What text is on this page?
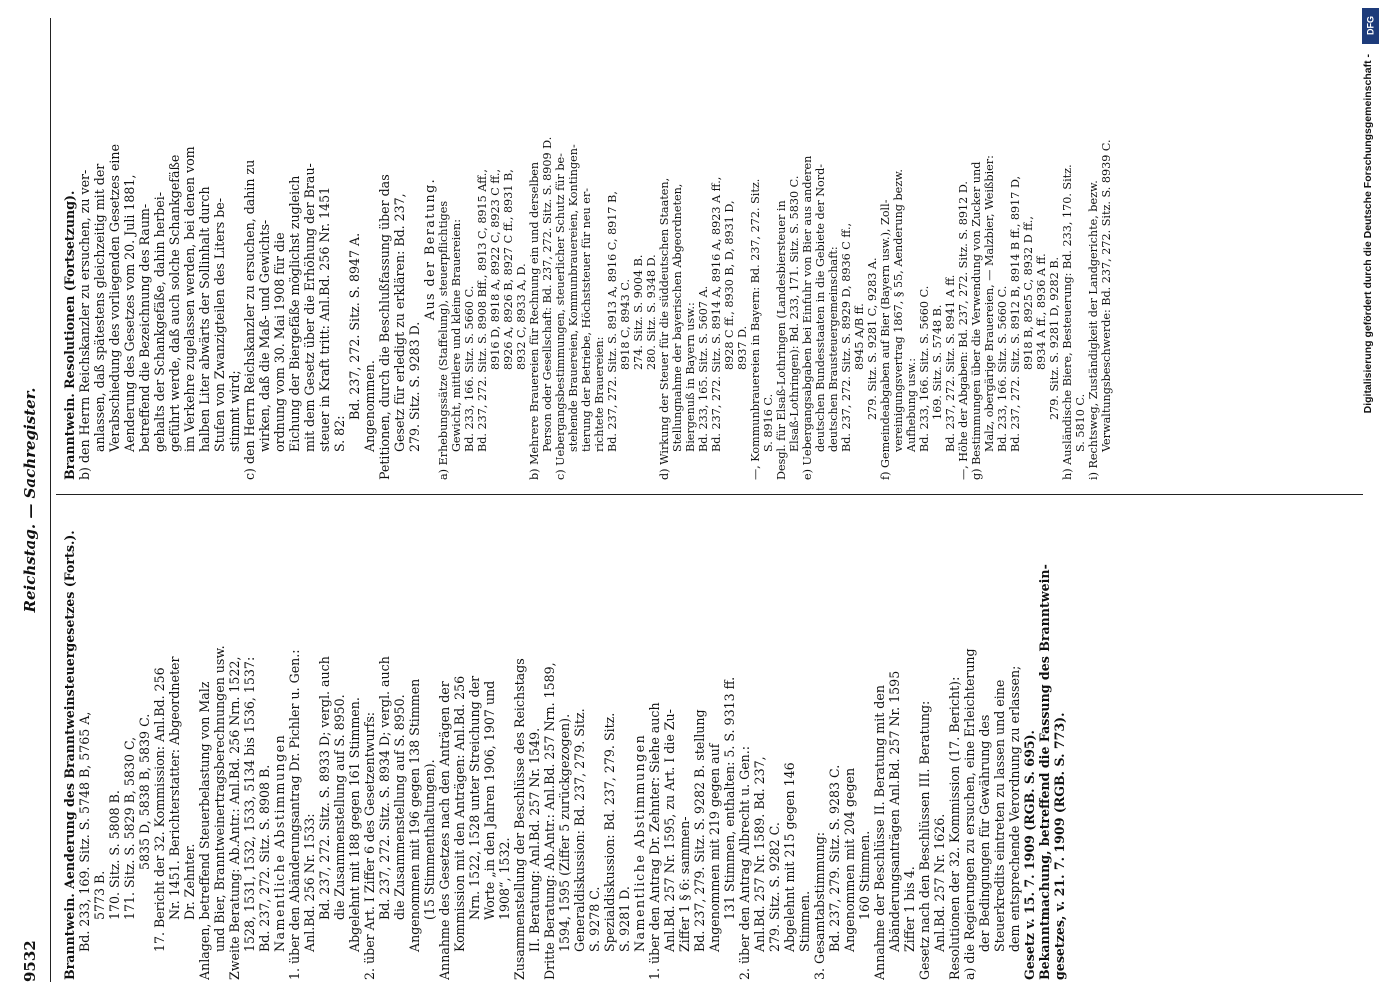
9532
Reichstag. — Sachregister.

Branntwein. Aenderung des Branntweinsteuergesetzes (Forts.). Bd. 233, 169. Sitz. S. 5748 B, 5765 A, 5773 B. 170. Sitz. S. 5808 B. 171. Sitz. S. 5829 B, 5830 C, 5835 D, 5838 B, 5839 C. 17. Bericht der 32. Kommission: Anl.Bd. 256 Nr. 1451. Berichterstatter: Abgeordneter Dr. Zehnter. Anlagen, betreffend Steuerbelastung von Malz und Bier, Branntweinertragsberechnungen usw. Zweite Beratung: Ab.Antr.: Anl.Bd. 256 Nrn. 1522, 1528, 1531, 1532, 1533, 5134 bis 1536, 1537: Bd. 237, 272. Sitz. S. 8908 B. Namentliche Abstimmungen 1. über den Abänderungsantrag Dr. Pichler u. Gen.: Anl.Bd. 256 Nr. 1533: Bd. 237, 272. Sitz. S. 8933 D; vergl. auch die Zusammenstellung auf S. 8950. Abgelehnt mit 188 gegen 161 Stimmen. 2. über Art. I Ziffer 6 des Gesetzentwurfs: Bd. 237, 272. Sitz. S. 8934 D; vergl. auch die Zusammenstellung auf S. 8950. Angenommen mit 196 gegen 138 Stimmen (15 Stimmenthaltungen). Annahme des Gesetzes nach den Anträgen der Kommission mit den Anträgen: Anl.Bd. 256 Nrn. 1522, 1528 unter Streichung der Worte „in den Jahren 1906, 1907 und 1908“, 1532. Zusammenstellung der Beschlüsse des Reichstags II. Beratung: Anl.Bd. 257 Nr. 1549. Dritte Beratung: Ab.Antr.: Anl.Bd. 257 Nrn. 1589, 1594, 1595 (Ziffer 5 zurückgezogen). Generaldiskussion: Bd. 237, 279. Sitz. S. 9278 C. Spezialdiskussion: Bd. 237, 279. Sitz. S. 9281 D. Namentliche Abstimmungen 1. über den Antrag Dr. Zehnter: Siehe auch Anl.Bd. 257 Nr. 1595, zu Art. I die Zu- Ziffer 1 § 6: sammen- Bd. 237, 279. Sitz. S. 9282 B. stellung Angenommen mit 219 gegen auf 131 Stimmen, enthalten: 5. S. 9313 ff. 2. über den Antrag Albrecht u. Gen.: Anl.Bd. 257 Nr. 1589. Bd. 237, 279. Sitz. S. 9282 C. Abgelehnt mit 215 gegen 146 Stimmen. 3. Gesamtabstimmung: Bd. 237, 279. Sitz. S. 9283 C. Angenommen mit 204 gegen 160 Stimmen. Annahme der Beschlüsse II. Beratung mit den Abänderungsanträgen Anl.Bd. 257 Nr. 1595 Ziffer 1 bis 4. Gesetz nach den Beschlüssen III. Beratung: Anl.Bd. 257 Nr. 1626. Resolutionen der 32. Kommission (17. Bericht): a) die Regierungen zu ersuchen, eine Erleichterung der Bedingungen für Gewährung des Steuerkredits eintreten zu lassen und eine dem entsprechende Verordnung zu erlassen; Gesetz v. 15. 7. 1909 (RGB. S. 695). Bekanntmachung, betreffend die Fassung des Branntwein- gesetzes, v. 21. 7. 1909 (RGB. S. 773).

Branntwein. Resolutionen (Fortsetzung). b) den Herrn Reichskanzler zu ersuchen, zu ver- anlassen, daß spätestens gleichzeitig mit der Verabschiedung des vorliegenden Gesetzes eine Aenderung des Gesetzes vom 20. Juli 1881, betreffend die Bezeichnung des Raum- gehalts der Schankgefäße, dahin herbei- geführt werde, daß auch solche Schankgefäße im Verkehre zugelassen werden, bei denen vom halben Liter abwärts der Sollinhalt durch Stufen von Zwanzigteilen des Liters be- stimmt wird; c) den Herrn Reichskanzler zu ersuchen, dahin zu wirken, daß die Maß- und Gewichts- ordnung vom 30. Mai 1908 für die Eichung der Biergefäße möglichst zugleich mit dem Gesetz über die Erhöhung der Brau- steuer in Kraft tritt: Anl.Bd. 256 Nr. 1451 S. 82:

Bd. 237, 272. Sitz. S. 8947 A. Angenommen. Petitionen, durch die Beschlußfassung über das Gesetz für erledigt zu erklären: Bd. 237, 279. Sitz. S. 9283 D.

Aus der Beratung. a) Erhebungssätze (Staffelung), steuerpflichtiges Gewicht, mittlere und kleine Brauereien: Bd. 233, 166. Sitz. S. 5660 C. Bd. 237, 272. Sitz. S. 8908 Bff., 8913 C, 8915 Aff., 8916 D, 8918 A, 8922 C, 8923 C ff., 8926 A, 8926 B, 8927 C ff., 8931 B, 8932 C, 8933 A, D. b) Mehrere Brauereien für Rechnung ein und derselben Person oder Gesellschaft: Bd. 237, 272. Sitz. S. 8909 D. c) Uebergangsbestimmungen, steuerlicher Schutz für be- stehende Brauereien, Kommunbrauereien, Kontingen- tierung der Betriebe, Höchststeuer für neu er- richtete Brauereien: Bd. 237, 272. Sitz. S. 8913 A, 8916 C, 8917 B, 8918 C, 8943 C. 274. Sitz. S. 9004 B. 280. Sitz. S. 9348 D. d) Wirkung der Steuer für die süddeutschen Staaten, Stellungnahme der bayerischen Abgeordneten, Biergenuß in Bayern usw.: Bd. 233, 165. Sitz. S. 5607 A. Bd. 237, 272. Sitz. S. 8914 A, 8916 A, 8923 A ff., 8928 C ff., 8930 B, D, 8931 D, 8937 D. —, Kommunbrauereien in Bayern: Bd. 237, 272. Sitz. S. 8916 C. Desgl. für Elsaß-Lothringen (Landesbiersteuer in Elsaß-Lothringen): Bd. 233, 171. Sitz. S. 5830 C. e) Uebergangsabgaben bei Einfuhr von Bier aus anderen deutschen Bundesstaaten in die Gebiete der Nord- deutschen Brausteuergemeinschaft: Bd. 237, 272. Sitz. S. 8929 D, 8936 C ff., 8945 A/B ff. 279. Sitz. S. 9281 C, 9283 A. f) Gemeindeabgaben auf Bier (Bayern usw.), Zoll- vereinigungsvertrag 1867, § 55, Aenderung bezw. Aufhebung usw.: Bd. 233, 166. Sitz. S. 5660 C. 169. Sitz. S. 5748 B. Bd. 237, 272. Sitz. S. 8941 A ff. —, Höhe der Abgaben: Bd. 237, 272. Sitz. S. 8912 D. g) Bestimmungen über die Verwendung von Zucker und Malz, obergärige Brauereien, — Malzbier, Weißbier: Bd. 233, 166. Sitz. S. 5660 C. Bd. 237, 272. Sitz. S. 8912 B, 8914 B ff., 8917 D, 8918 B, 8925 C, 8932 D ff., 8934 A ff., 8936 A ff. 279. Sitz. S. 9281 D, 9282 B. h) Ausländische Biere, Besteuerung: Bd. 233, 170. Sitz. S. 5810 C. i) Rechtsweg, Zuständigkeit der Landgerichte, bezw. Verwaltungsbeschwerde: Bd. 237, 272. Sitz. S. 8939 C.

DFG
Digitalisierung gefördert durch die Deutsche Forschungsgemeinschaft -
